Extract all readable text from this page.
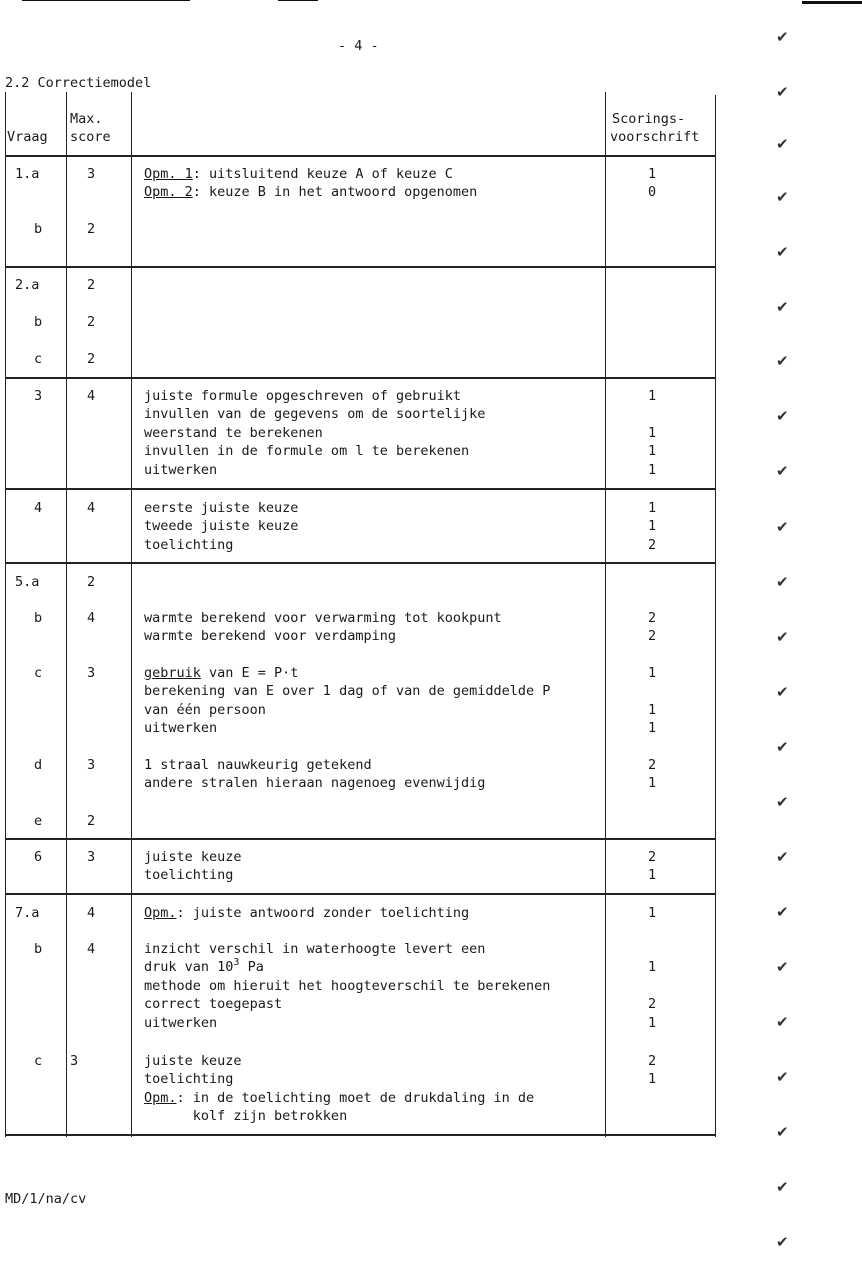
- 4 -
2.2 Correctiemodel
Vraag
Max.
score
Scorings-
voorschrift
1.a	3	Opm. 1: uitsluitend keuze A of keuze C	1
Opm. 2: keuze B in het antwoord opgenomen	0
b	2
2.a	2
b	2
c	2
3	4	juiste formule opgeschreven of gebruikt	1
invullen van de gegevens om de soortelijke
weerstand te berekenen	1
invullen in de formule om l te berekenen	1
uitwerken	1
4	4	eerste juiste keuze	1
tweede juiste keuze	1
toelichting	2
5.a	2
b	4	warmte berekend voor verwarming tot kookpunt	2
warmte berekend voor verdamping	2
c	3	gebruik van E = P·t	1
berekening van E over 1 dag of van de gemiddelde P
van één persoon	1
uitwerken	1
d	3	1 straal nauwkeurig getekend	2
andere stralen hieraan nagenoeg evenwijdig	1
e	2
6	3	juiste keuze	2
toelichting	1
7.a	4	Opm.: juiste antwoord zonder toelichting	1
b	4	inzicht verschil in waterhoogte levert een
druk van $10^3$ Pa	1
methode om hieruit het hoogteverschil te berekenen
correct toegepast	2
uitwerken	1
c 3	juiste keuze	2
toelichting	1
Opm.: in de toelichting moet de drukdaling in de
kolf zijn betrokken
MD/1/na/cv
✔
✔
✔
✔
✔
✔
✔
✔
✔
✔
✔
✔
✔
✔
✔
✔
✔
✔
✔
✔
✔
✔
✔
